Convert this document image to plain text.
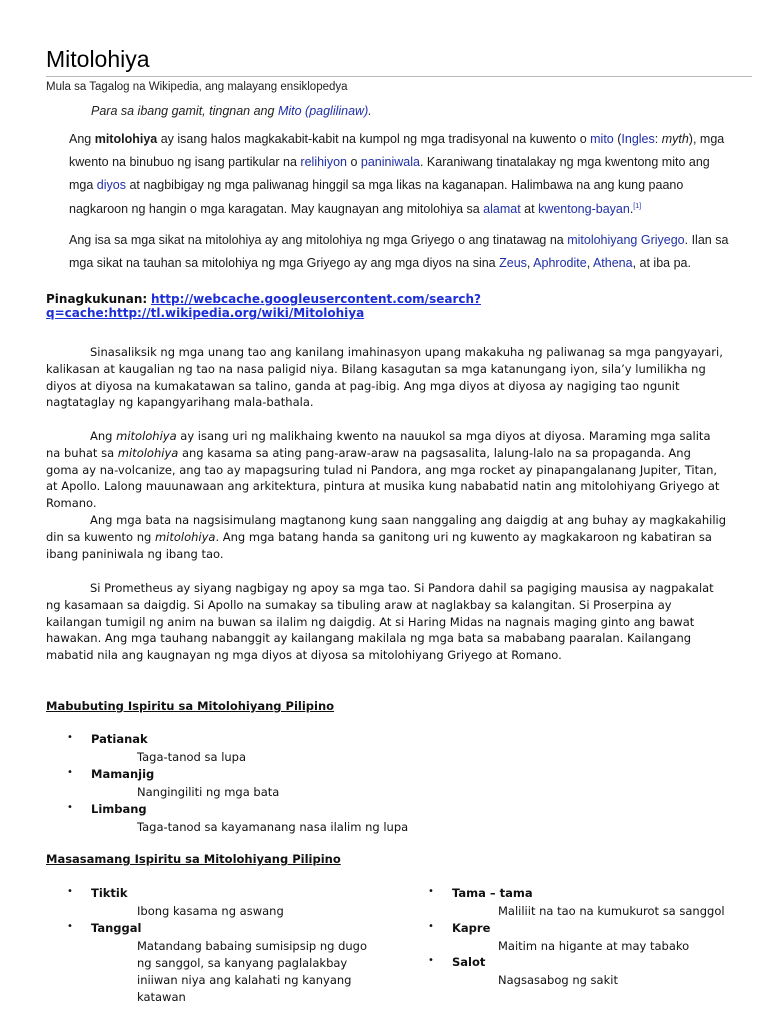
Mitolohiya
Mula sa Tagalog na Wikipedia, ang malayang ensiklopedya
Para sa ibang gamit, tingnan ang Mito (paglilinaw).

Ang mitolohiya ay isang halos magkakabit-kabit na kumpol ng mga tradisyonal na kuwento o mito (Ingles: myth), mga kwento na binubuo ng isang partikular na relihiyon o paniniwala. Karaniwang tinatalakay ng mga kwentong mito ang mga diyos at nagbibigay ng mga paliwanag hinggil sa mga likas na kaganapan. Halimbawa na ang kung paano nagkaroon ng hangin o mga karagatan. May kaugnayan ang mitolohiya sa alamat at kwentong-bayan.[1]

Ang isa sa mga sikat na mitolohiya ay ang mitolohiya ng mga Griyego o ang tinatawag na mitolohiyang Griyego. Ilan sa mga sikat na tauhan sa mitolohiya ng mga Griyego ay ang mga diyos na sina Zeus, Aphrodite, Athena, at iba pa.

Pinagkukunan: http://webcache.googleusercontent.com/search?q=cache:http://tl.wikipedia.org/wiki/Mitolohiya

Sinasaliksik ng mga unang tao ang kanilang imahinasyon upang makakuha ng paliwanag sa mga pangyayari, kalikasan at kaugalian ng tao na nasa paligid niya. Bilang kasagutan sa mga katanungang iyon, sila’y lumilikha ng diyos at diyosa na kumakatawan sa talino, ganda at pag-ibig. Ang mga diyos at diyosa ay nagiging tao ngunit nagtataglay ng kapangyarihang mala-bathala.

Ang mitolohiya ay isang uri ng malikhaing kwento na nauukol sa mga diyos at diyosa. Maraming mga salita na buhat sa mitolohiya ang kasama sa ating pang-araw-araw na pagsasalita, lalung-lalo na sa propaganda. Ang goma ay na-volcanize, ang tao ay mapagsuring tulad ni Pandora, ang mga rocket ay pinapangalanang Jupiter, Titan, at Apollo. Lalong mauunawaan ang arkitektura, pintura at musika kung nababatid natin ang mitolohiyang Griyego at Romano.

Ang mga bata na nagsisimulang magtanong kung saan nanggaling ang daigdig at ang buhay ay magkakahilig din sa kuwento ng mitolohiya. Ang mga batang handa sa ganitong uri ng kuwento ay magkakaroon ng kabatiran sa ibang paniniwala ng ibang tao.

Si Prometheus ay siyang nagbigay ng apoy sa mga tao. Si Pandora dahil sa pagiging mausisa ay nagpakalat ng kasamaan sa daigdig. Si Apollo na sumakay sa tibuling araw at naglakbay sa kalangitan. Si Proserpina ay kailangan tumigil ng anim na buwan sa ilalim ng daigdig. At si Haring Midas na nagnais maging ginto ang bawat hawakan. Ang mga tauhang nabanggit ay kailangang makilala ng mga bata sa mababang paaralan. Kailangang mabatid nila ang kaugnayan ng mga diyos at diyosa sa mitolohiyang Griyego at Romano.

Mabubuting Ispiritu sa Mitolohiyang Pilipino
• Patianak
Taga-tanod sa lupa
• Mamanjig
Nangingiliti ng mga bata
• Limbang
Taga-tanod sa kayamanang nasa ilalim ng lupa
Masasamang Ispiritu sa Mitolohiyang Pilipino
• Tiktik
Ibong kasama ng aswang
• Tanggal
Matandang babaing sumisipsip ng dugo ng sanggol, sa kanyang paglalakbay iniiwan niya ang kalahati ng kanyang katawan
• Tama – tama
Maliliit na tao na kumukurot sa sanggol
• Kapre
Maitim na higante at may tabako
• Salot
Nagsasabog ng sakit
